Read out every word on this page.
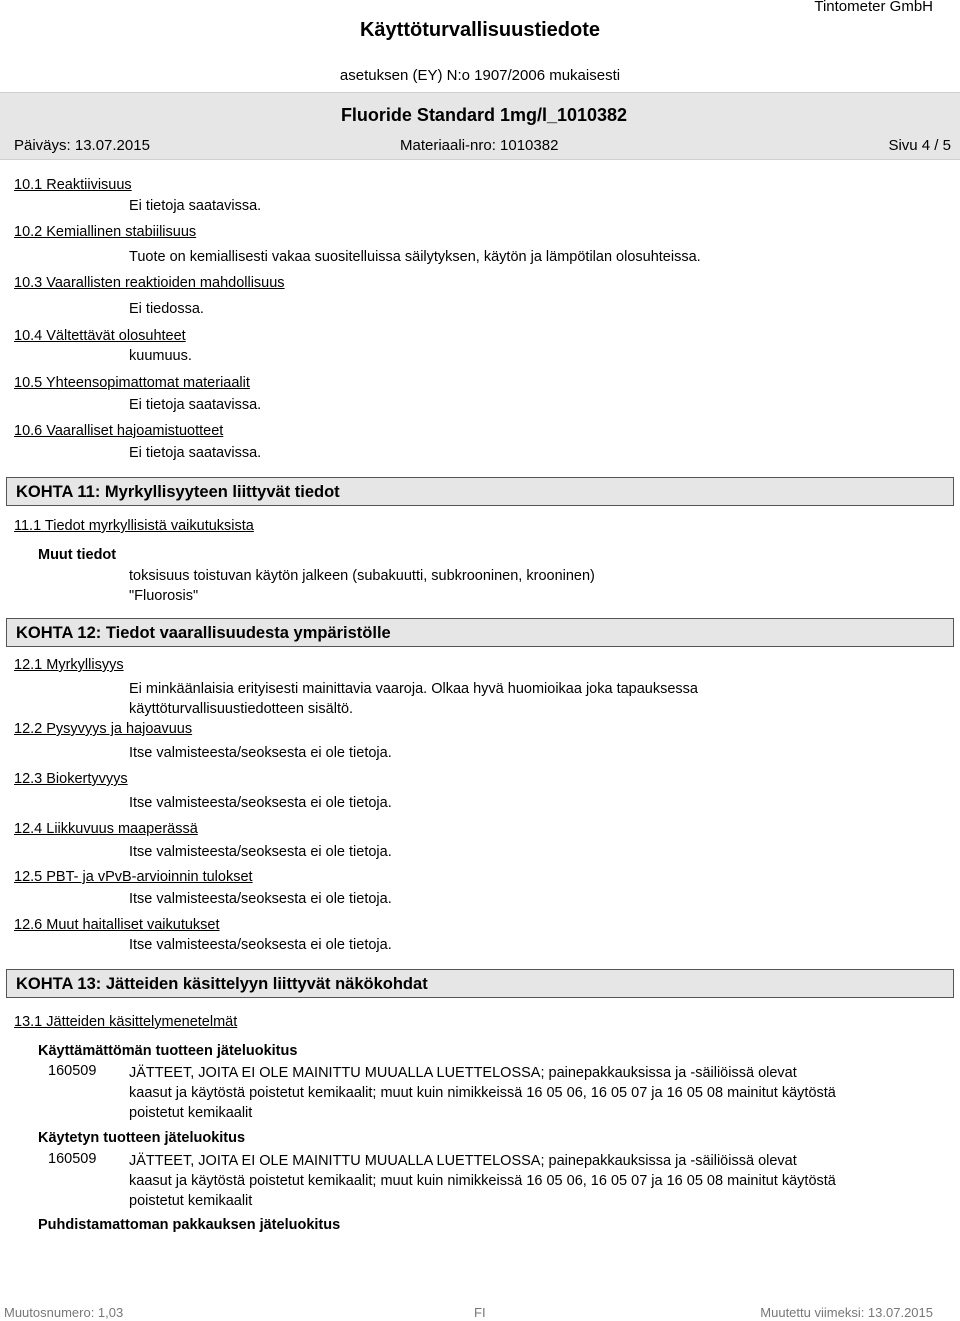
Käyttöturvallisuustiedote
Tintometer GmbH
asetuksen (EY) N:o 1907/2006 mukaisesti
Fluoride Standard 1mg/l_1010382
Päiväys: 13.07.2015	Materiaali-nro: 1010382	Sivu 4 / 5
10.1 Reaktiivisuus
Ei tietoja saatavissa.
10.2 Kemiallinen stabiilisuus
Tuote on kemiallisesti vakaa suositelluissa säilytyksen, käytön ja lämpötilan olosuhteissa.
10.3 Vaarallisten reaktioiden mahdollisuus
Ei tiedossa.
10.4 Vältettävät olosuhteet
kuumuus.
10.5 Yhteensopimattomat materiaalit
Ei tietoja saatavissa.
10.6 Vaaralliset hajoamistuotteet
Ei tietoja saatavissa.
KOHTA 11: Myrkyllisyyteen liittyvät tiedot
11.1 Tiedot myrkyllisistä vaikutuksista
Muut tiedot
toksisuus toistuvan käytön jalkeen (subakuutti, subkrooninen, krooninen)
"Fluorosis"
KOHTA 12: Tiedot vaarallisuudesta ympäristölle
12.1 Myrkyllisyys
Ei minkäänlaisia erityisesti mainittavia vaaroja. Olkaa hyvä huomioikaa joka tapauksessa käyttöturvallisuustiedotteen sisältö.
12.2 Pysyvyys ja hajoavuus
Itse valmisteesta/seoksesta ei ole tietoja.
12.3 Biokertyvyys
Itse valmisteesta/seoksesta ei ole tietoja.
12.4 Liikkuvuus maaperässä
Itse valmisteesta/seoksesta ei ole tietoja.
12.5 PBT- ja vPvB-arvioinnin tulokset
Itse valmisteesta/seoksesta ei ole tietoja.
12.6 Muut haitalliset vaikutukset
Itse valmisteesta/seoksesta ei ole tietoja.
KOHTA 13: Jätteiden käsittelyyn liittyvät näkökohdat
13.1 Jätteiden käsittelymenetelmät
Käyttämättömän tuotteen jäteluokitus
160509 JÄTTEET, JOITA EI OLE MAINITTU MUUALLA LUETTELOSSA; painepakkauksissa ja -säiliöissä olevat kaasut ja käytöstä poistetut kemikaalit; muut kuin nimikkeissä 16 05 06, 16 05 07 ja 16 05 08 mainitut käytöstä poistetut kemikaalit
Käytetyn tuotteen jäteluokitus
160509 JÄTTEET, JOITA EI OLE MAINITTU MUUALLA LUETTELOSSA; painepakkauksissa ja -säiliöissä olevat kaasut ja käytöstä poistetut kemikaalit; muut kuin nimikkeissä 16 05 06, 16 05 07 ja 16 05 08 mainitut käytöstä poistetut kemikaalit
Puhdistamattoman pakkauksen jäteluokitus
Muutosnumero: 1,03	FI	Muutettu viimeksi: 13.07.2015
